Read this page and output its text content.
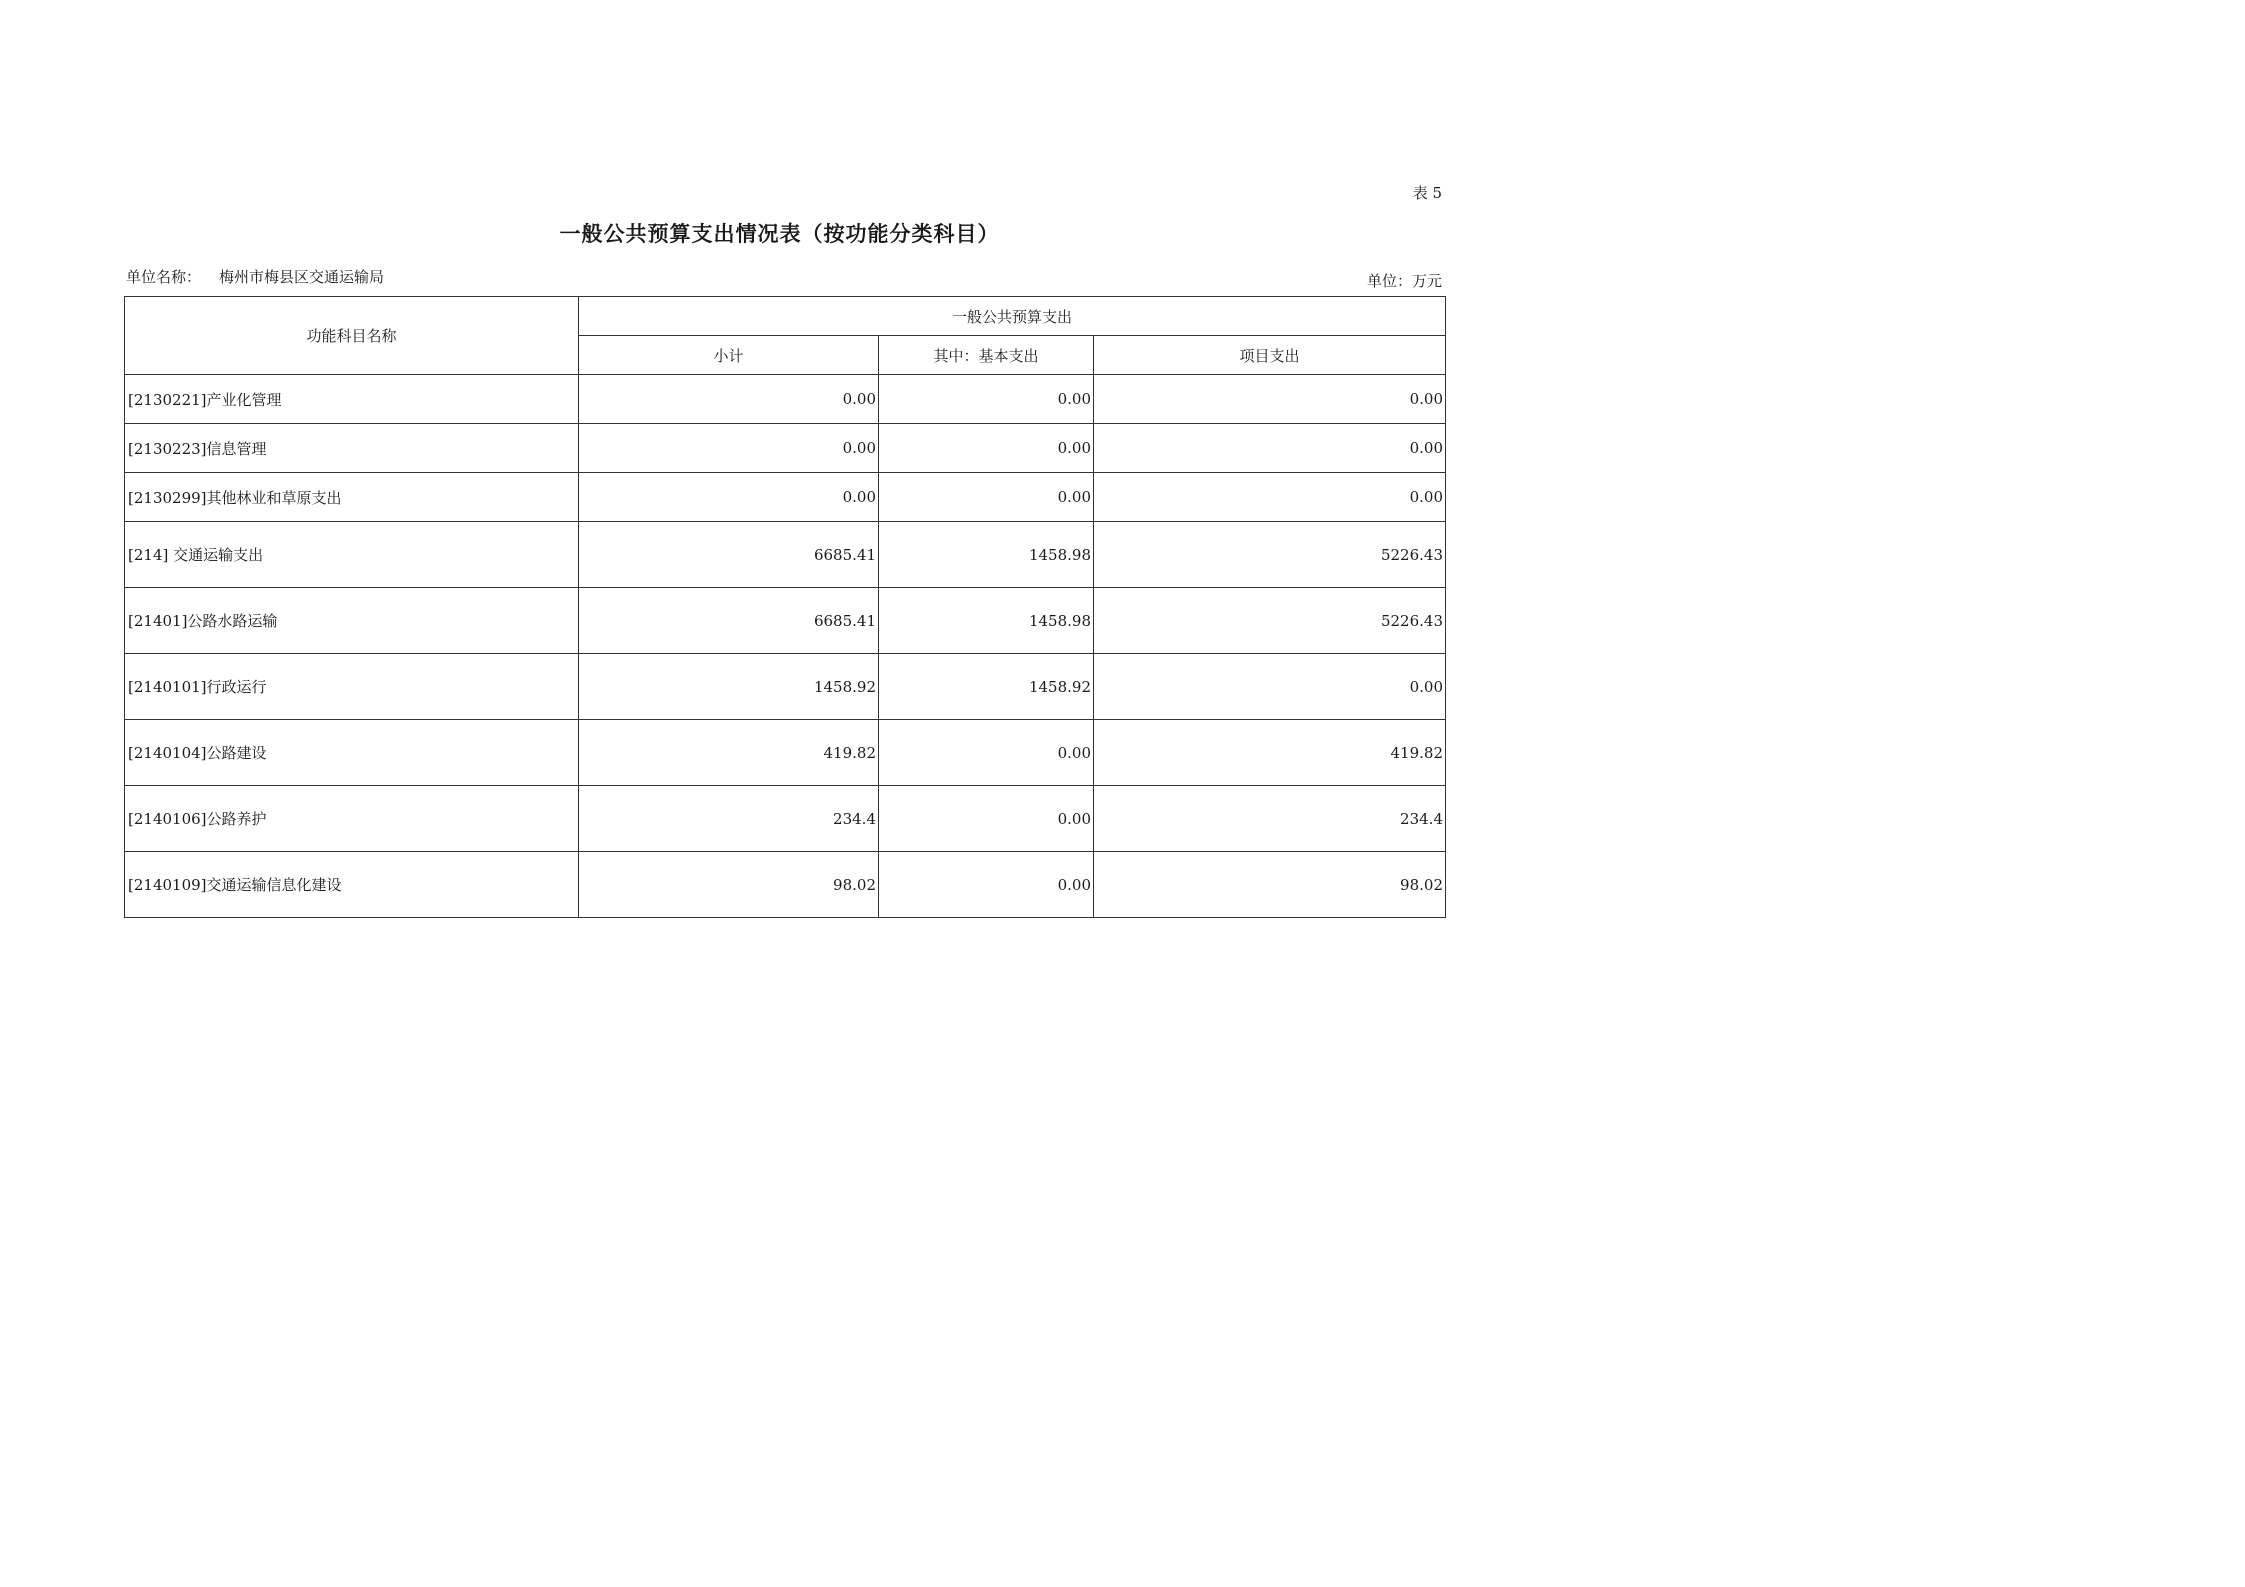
表 5
一般公共预算支出情况表（按功能分类科目）
单位名称： 梅州市梅县区交通运输局	单位：万元
功能科目名称	一般公共预算支出		
	小计	其中：基本支出	项目支出
[2130221]产业化管理	0.00	0.00	0.00
[2130223]信息管理	0.00	0.00	0.00
[2130299]其他林业和草原支出	0.00	0.00	0.00
[214] 交通运输支出	6685.41	1458.98	5226.43
[21401]公路水路运输	6685.41	1458.98	5226.43
[2140101]行政运行	1458.92	1458.92	0.00
[2140104]公路建设	419.82	0.00	419.82
[2140106]公路养护	234.4	0.00	234.4
[2140109]交通运输信息化建设	98.02	0.00	98.02
